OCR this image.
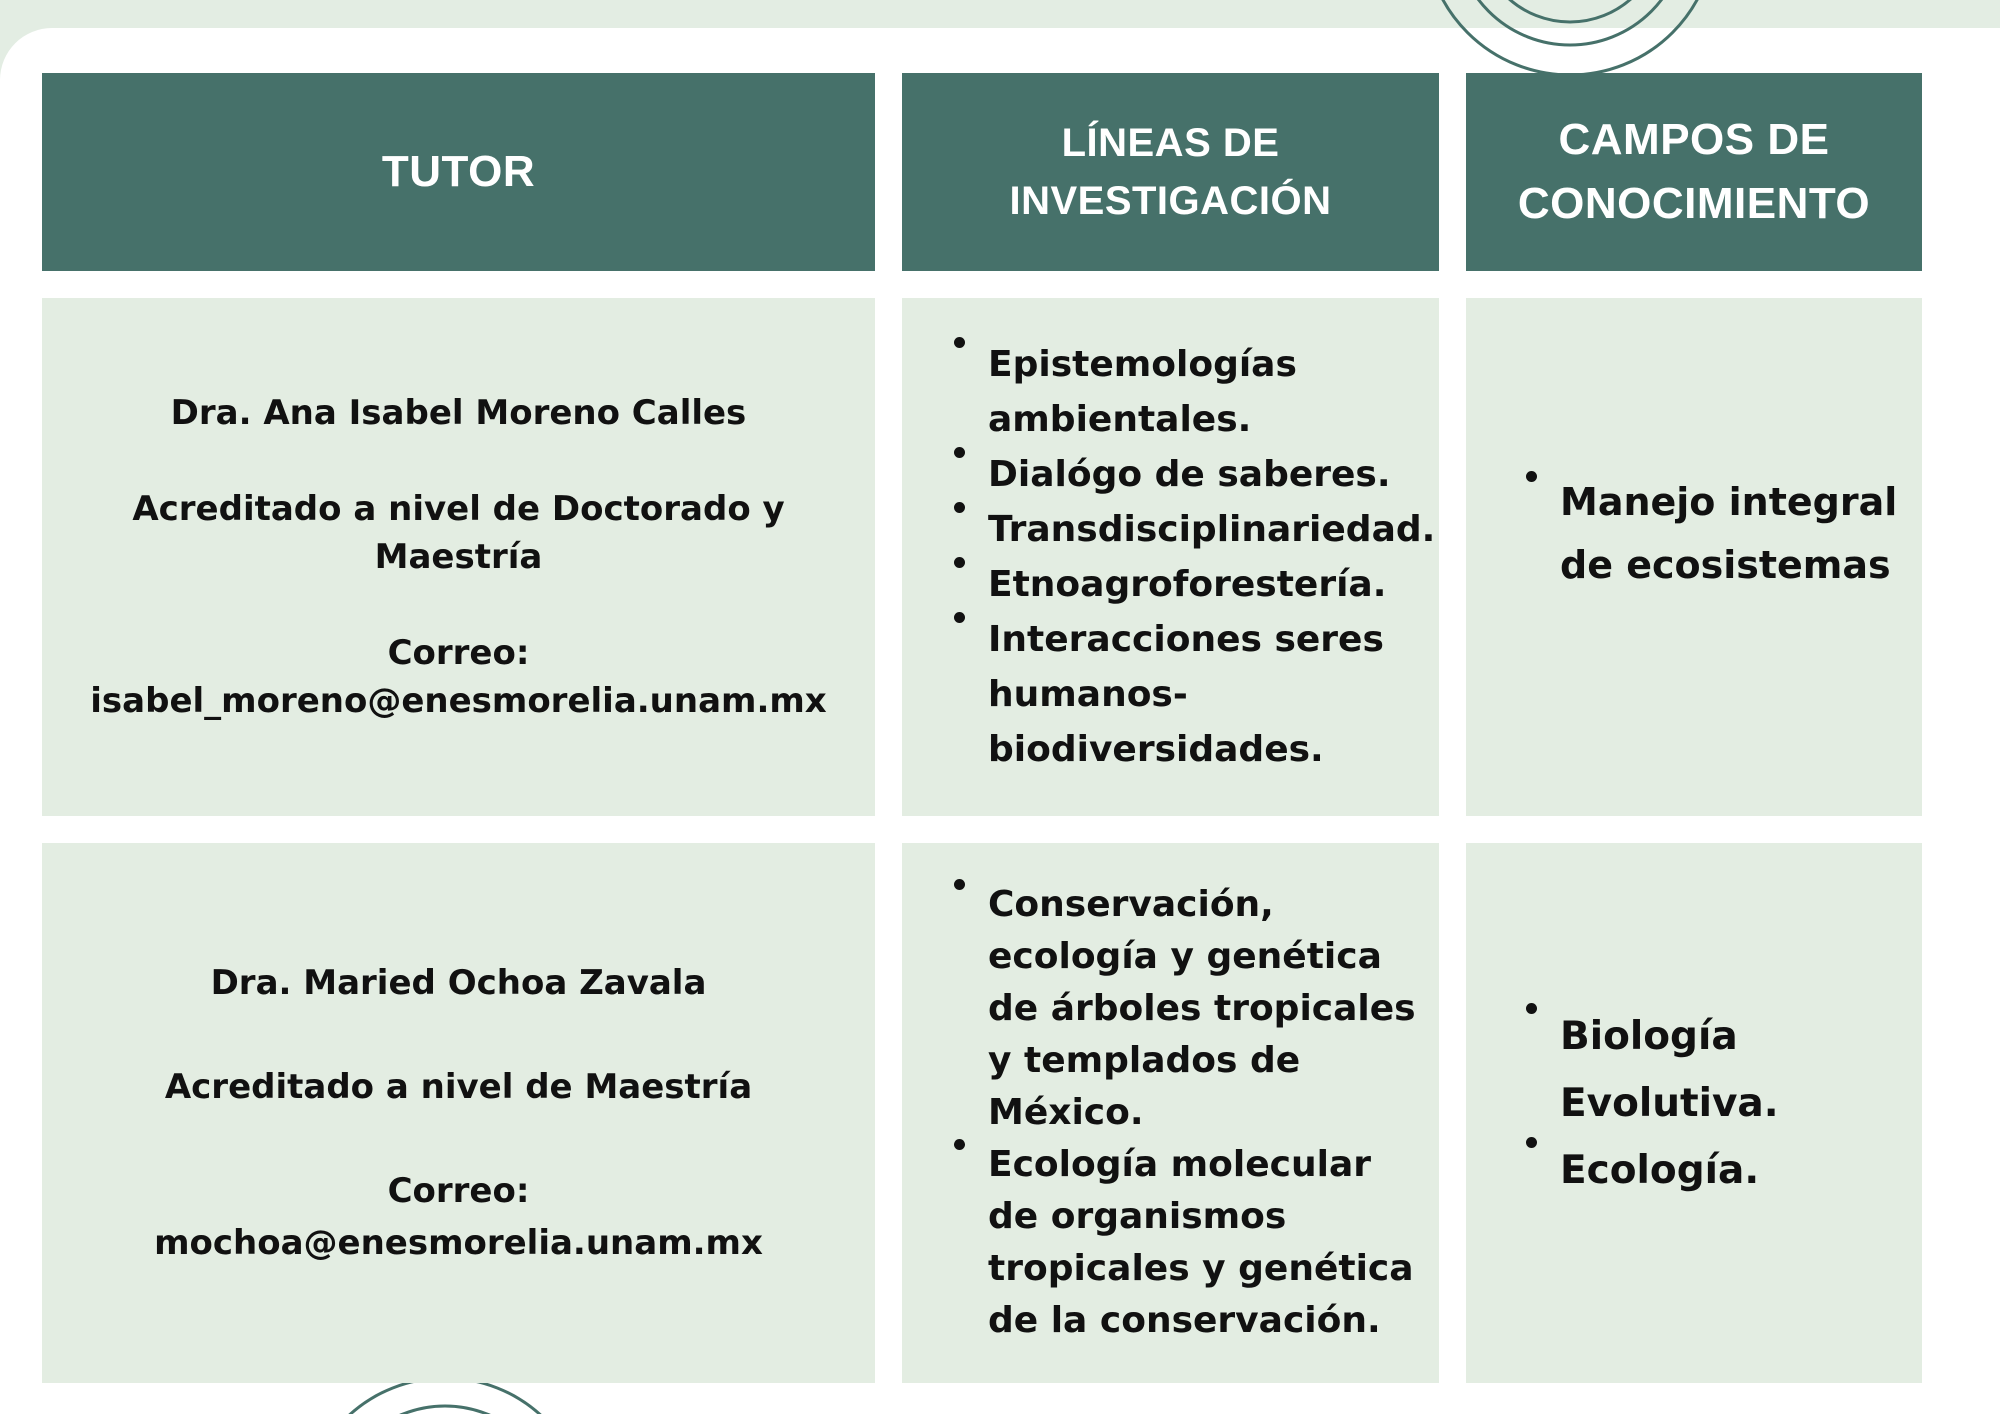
TUTOR
LÍNEAS DE
INVESTIGACIÓN
CAMPOS DE
CONOCIMIENTO
Dra. Ana Isabel Moreno Calles
Acreditado a nivel de Doctorado y
Maestría
Correo:
isabel_moreno@enesmorelia.unam.mx
Epistemologías ambientales.
Dialógo de saberes.
Transdisciplinariedad.
Etnoagroforestería.
Interacciones seres humanos-biodiversidades.
Manejo integral de ecosistemas
Dra. Maried Ochoa Zavala
Acreditado a nivel de Maestría
Correo:
mochoa@enesmorelia.unam.mx
Conservación, ecología y genética de árboles tropicales y templados de México.
Ecología molecular de organismos tropicales y genética de la conservación.
Biología Evolutiva.
Ecología.
